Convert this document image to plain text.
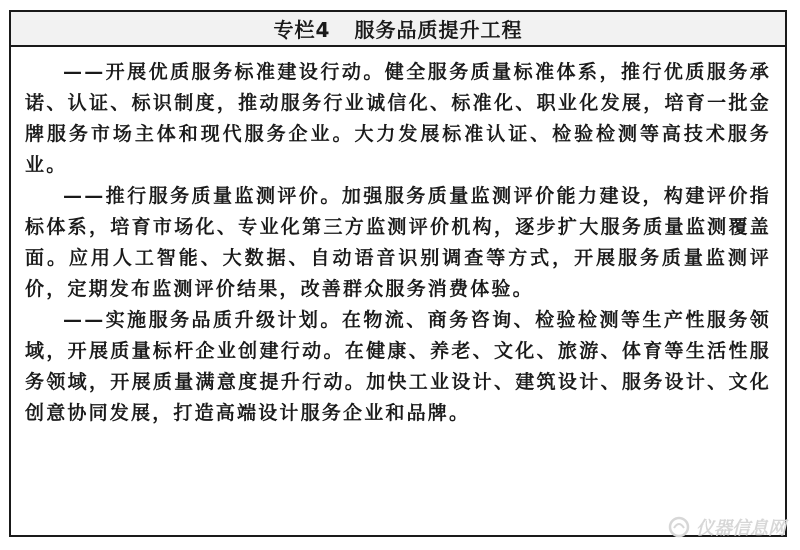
专栏4 服务品质提升工程

——开展优质服务标准建设行动。健全服务质量标准体系，推行优质服务承诺、认证、标识制度，推动服务行业诚信化、标准化、职业化发展，培育一批金牌服务市场主体和现代服务企业。大力发展标准认证、检验检测等高技术服务业。

——推行服务质量监测评价。加强服务质量监测评价能力建设，构建评价指标体系，培育市场化、专业化第三方监测评价机构，逐步扩大服务质量监测覆盖面。应用人工智能、大数据、自动语音识别调查等方式，开展服务质量监测评价，定期发布监测评价结果，改善群众服务消费体验。

——实施服务品质升级计划。在物流、商务咨询、检验检测等生产性服务领域，开展质量标杆企业创建行动。在健康、养老、文化、旅游、体育等生活性服务领域，开展质量满意度提升行动。加快工业设计、建筑设计、服务设计、文化创意协同发展，打造高端设计服务企业和品牌。

仪器信息网
